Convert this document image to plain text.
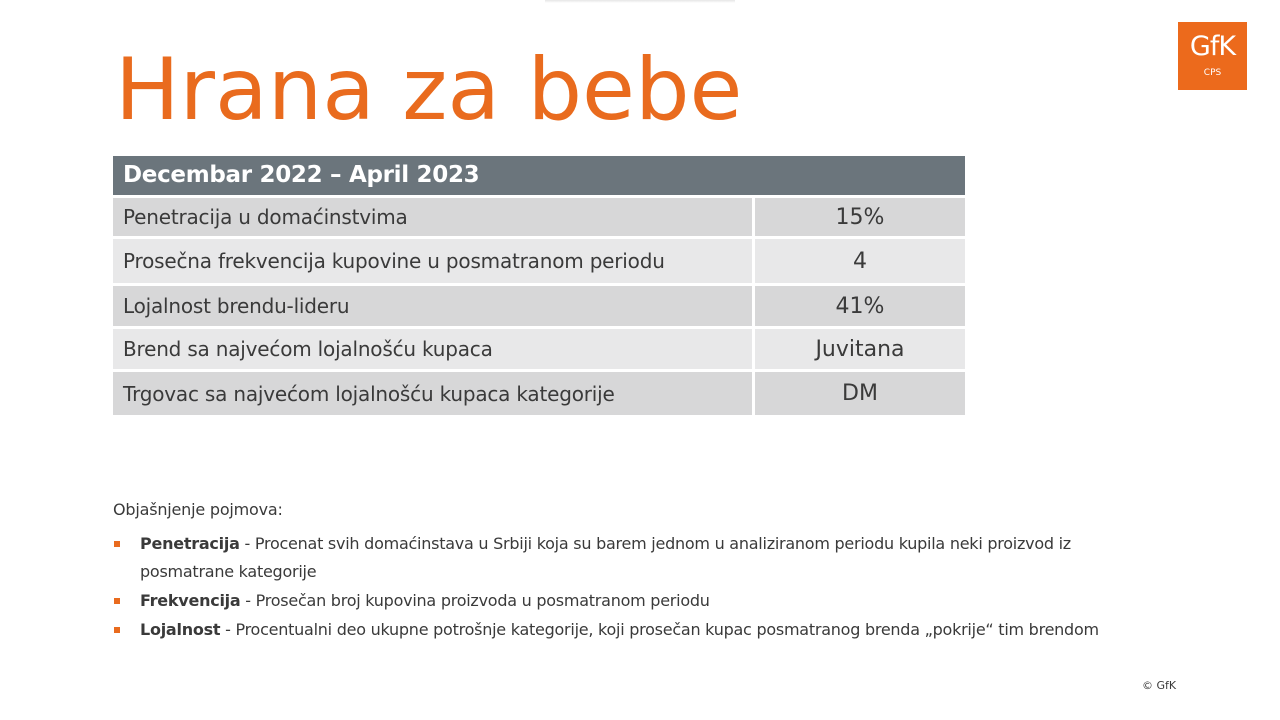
Hrana za bebe	GfK
CPS
Decembar 2022 – April 2023
Penetracija u domaćinstvima	15%
Prosečna frekvencija kupovine u posmatranom periodu	4
Lojalnost brendu-lideru	41%
Brend sa najvećom lojalnošću kupaca	Juvitana
Trgovac sa najvećom lojalnošću kupaca kategorije	DM

Objašnjenje pojmova:

Penetracija - Procenat svih domaćinstava u Srbiji koja su barem jednom u analiziranom periodu kupila neki proizvod iz posmatrane kategorije
Frekvencija - Prosečan broj kupovina proizvoda u posmatranom periodu
Lojalnost - Procentualni deo ukupne potrošnje kategorije, koji prosečan kupac posmatranog brenda „pokrije“ tim brendom
© GfK
